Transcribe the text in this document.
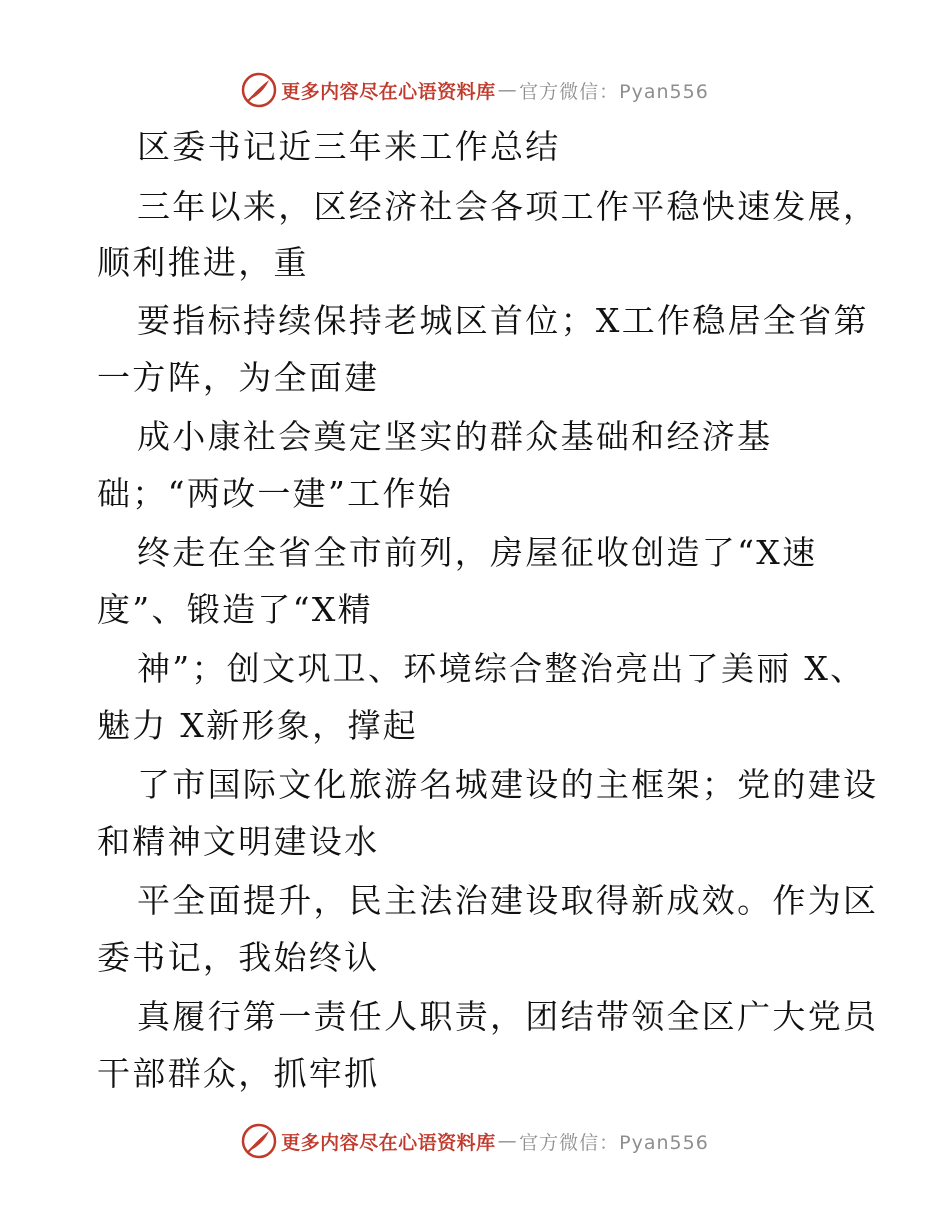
更多内容尽在心语资料库 — 官方微信：Pyan556
区委书记近三年来工作总结
三年以来，区经济社会各项工作平稳快速发展，
顺利推进，重
要指标持续保持老城区首位；X工作稳居全省第
一方阵，为全面建
成小康社会奠定坚实的群众基础和经济基
础；“两改一建”工作始
终走在全省全市前列，房屋征收创造了“X速
度”、锻造了“X精
神”；创文巩卫、环境综合整治亮出了美丽 X、
魅力 X新形象，撑起
了市国际文化旅游名城建设的主框架；党的建设
和精神文明建设水
平全面提升，民主法治建设取得新成效。作为区
委书记，我始终认
真履行第一责任人职责，团结带领全区广大党员
干部群众，抓牢抓
更多内容尽在心语资料库 — 官方微信：Pyan556
